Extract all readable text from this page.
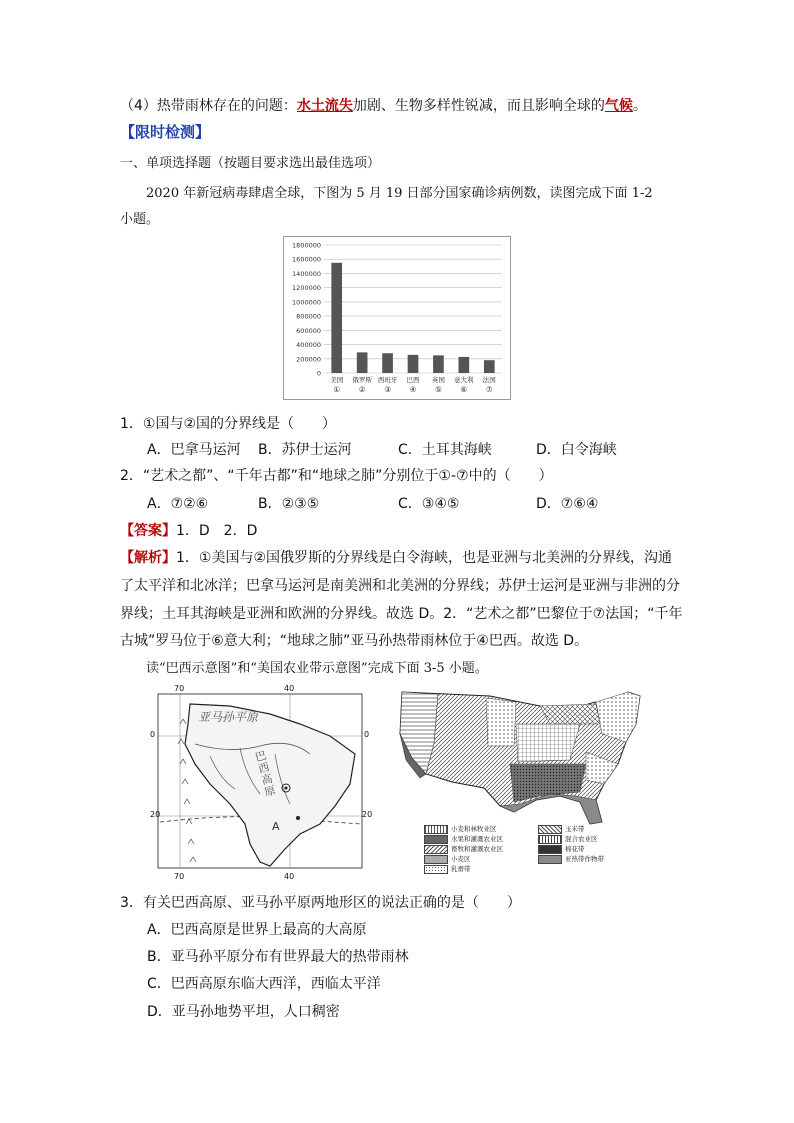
（4）热带雨林存在的问题：水土流失加剧、生物多样性锐减，而且影响全球的气候。
【限时检测】
一、单项选择题（按题目要求选出最佳选项）
2020 年新冠病毒肆虐全球，下图为 5 月 19 日部分国家确诊病例数，读图完成下面 1-2
小题。
0
200000
400000
600000
800000
1000000
1200000
1400000
1600000
1800000
美国
①
俄罗斯
②
西班牙
③
巴西
④
英国
⑤
意大利
⑥
法国
⑦
1．①国与②国的分界线是（　　）
A．巴拿马运河 B．苏伊士运河	C．土耳其海峡	D．白令海峡
2．“艺术之都”、“千年古都”和“地球之肺”分别位于①-⑦中的（　　）
A．⑦②⑥	B．②③⑤	C．③④⑤	D．⑦⑥④
【答案】1．D　2．D
【解析】1．①美国与②国俄罗斯的分界线是白令海峡，也是亚洲与北美洲的分界线，沟通
了太平洋和北冰洋；巴拿马运河是南美洲和北美洲的分界线；苏伊士运河是亚洲与非洲的分
界线；土耳其海峡是亚洲和欧洲的分界线。故选 D。2．“艺术之都”巴黎位于⑦法国；“千年
古城”罗马位于⑥意大利；“地球之肺”亚马孙热带雨林位于④巴西。故选 D。
读“巴西示意图”和“美国农业带示意图”完成下面 3-5 小题。
70	40
70	40
0	0
20	20
亚马孙平原
巴西高原
A	小麦和林牧业区	玉米带 水果和灌溉农业区	混合农业区 畜牧和灌溉农业区	棉花带 小麦区	亚热带作物带 乳畜带
3．有关巴西高原、亚马孙平原两地形区的说法正确的是（　　）
A．巴西高原是世界上最高的大高原
B．亚马孙平原分布有世界最大的热带雨林
C．巴西高原东临大西洋，西临太平洋
D．亚马孙地势平坦，人口稠密
